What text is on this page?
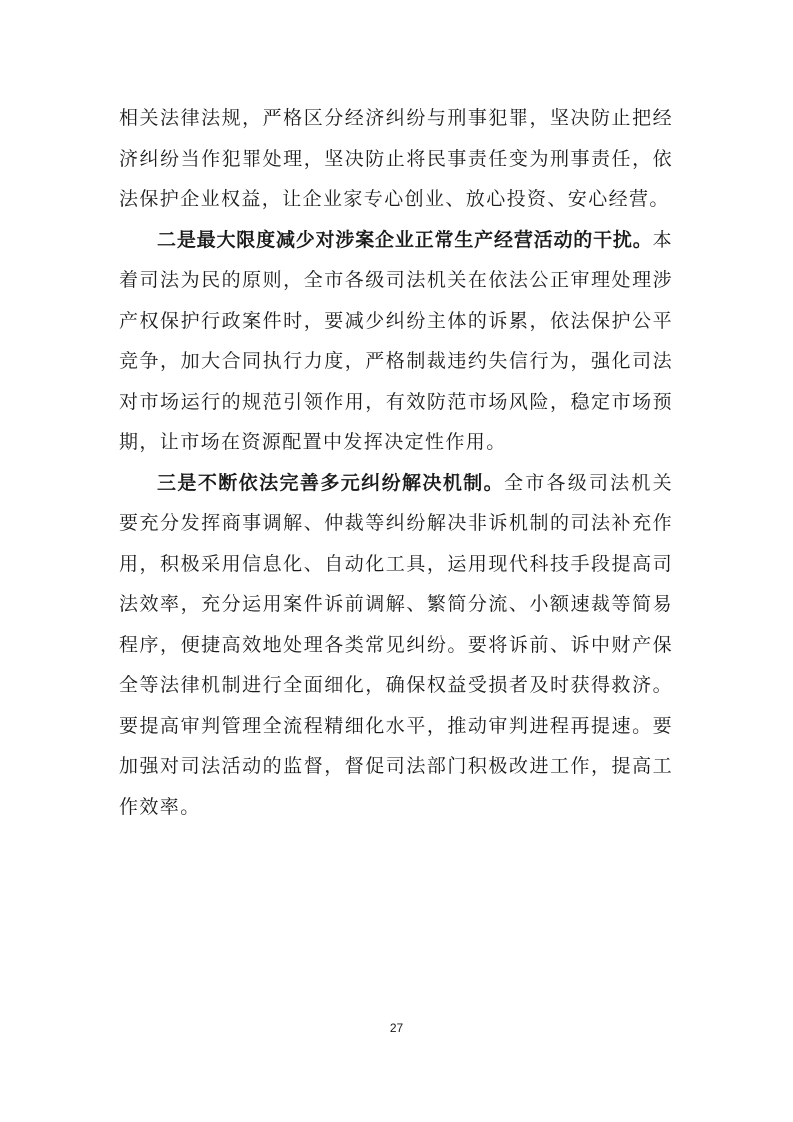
相关法律法规，严格区分经济纠纷与刑事犯罪，坚决防止把经济纠纷当作犯罪处理，坚决防止将民事责任变为刑事责任，依法保护企业权益，让企业家专心创业、放心投资、安心经营。

二是最大限度减少对涉案企业正常生产经营活动的干扰。本着司法为民的原则，全市各级司法机关在依法公正审理处理涉产权保护行政案件时，要减少纠纷主体的诉累，依法保护公平竞争，加大合同执行力度，严格制裁违约失信行为，强化司法对市场运行的规范引领作用，有效防范市场风险，稳定市场预期，让市场在资源配置中发挥决定性作用。

三是不断依法完善多元纠纷解决机制。全市各级司法机关要充分发挥商事调解、仲裁等纠纷解决非诉机制的司法补充作用，积极采用信息化、自动化工具，运用现代科技手段提高司法效率，充分运用案件诉前调解、繁简分流、小额速裁等简易程序，便捷高效地处理各类常见纠纷。要将诉前、诉中财产保全等法律机制进行全面细化，确保权益受损者及时获得救济。要提高审判管理全流程精细化水平，推动审判进程再提速。要加强对司法活动的监督，督促司法部门积极改进工作，提高工作效率。

27
